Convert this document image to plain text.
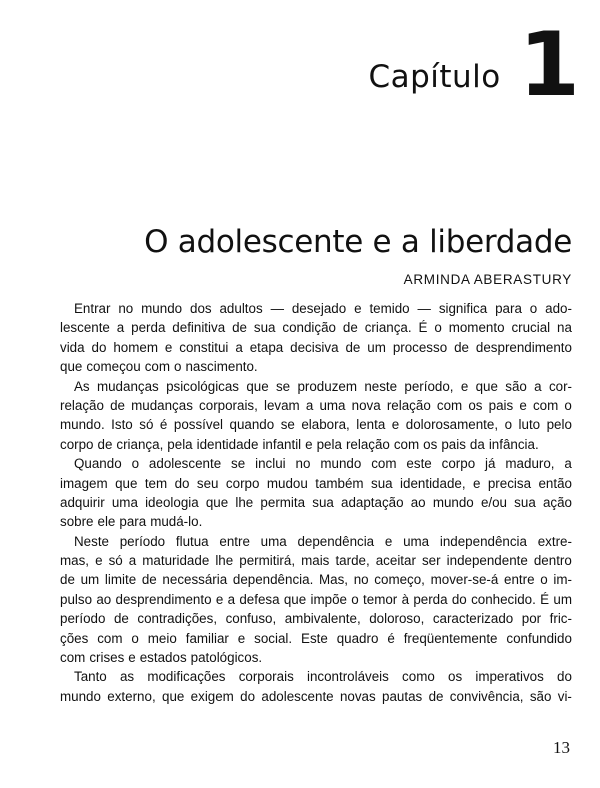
Capítulo 1
O adolescente e a liberdade
ARMINDA ABERASTURY
Entrar no mundo dos adultos — desejado e temido — significa para o ado-
lescente a perda definitiva de sua condição de criança. É o momento crucial na
vida do homem e constitui a etapa decisiva de um processo de desprendimento
que começou com o nascimento.
As mudanças psicológicas que se produzem neste período, e que são a cor-
relação de mudanças corporais, levam a uma nova relação com os pais e com o
mundo. Isto só é possível quando se elabora, lenta e dolorosamente, o luto pelo
corpo de criança, pela identidade infantil e pela relação com os pais da infância.
Quando o adolescente se inclui no mundo com este corpo já maduro, a
imagem que tem do seu corpo mudou também sua identidade, e precisa então
adquirir uma ideologia que lhe permita sua adaptação ao mundo e/ou sua ação
sobre ele para mudá-lo.
Neste período flutua entre uma dependência e uma independência extre-
mas, e só a maturidade lhe permitirá, mais tarde, aceitar ser independente dentro
de um limite de necessária dependência. Mas, no começo, mover-se-á entre o im-
pulso ao desprendimento e a defesa que impõe o temor à perda do conhecido. É um
período de contradições, confuso, ambivalente, doloroso, caracterizado por fric-
ções com o meio familiar e social. Este quadro é freqüentemente confundido
com crises e estados patológicos.
Tanto as modificações corporais incontroláveis como os imperativos do
mundo externo, que exigem do adolescente novas pautas de convivência, são vi-
13
